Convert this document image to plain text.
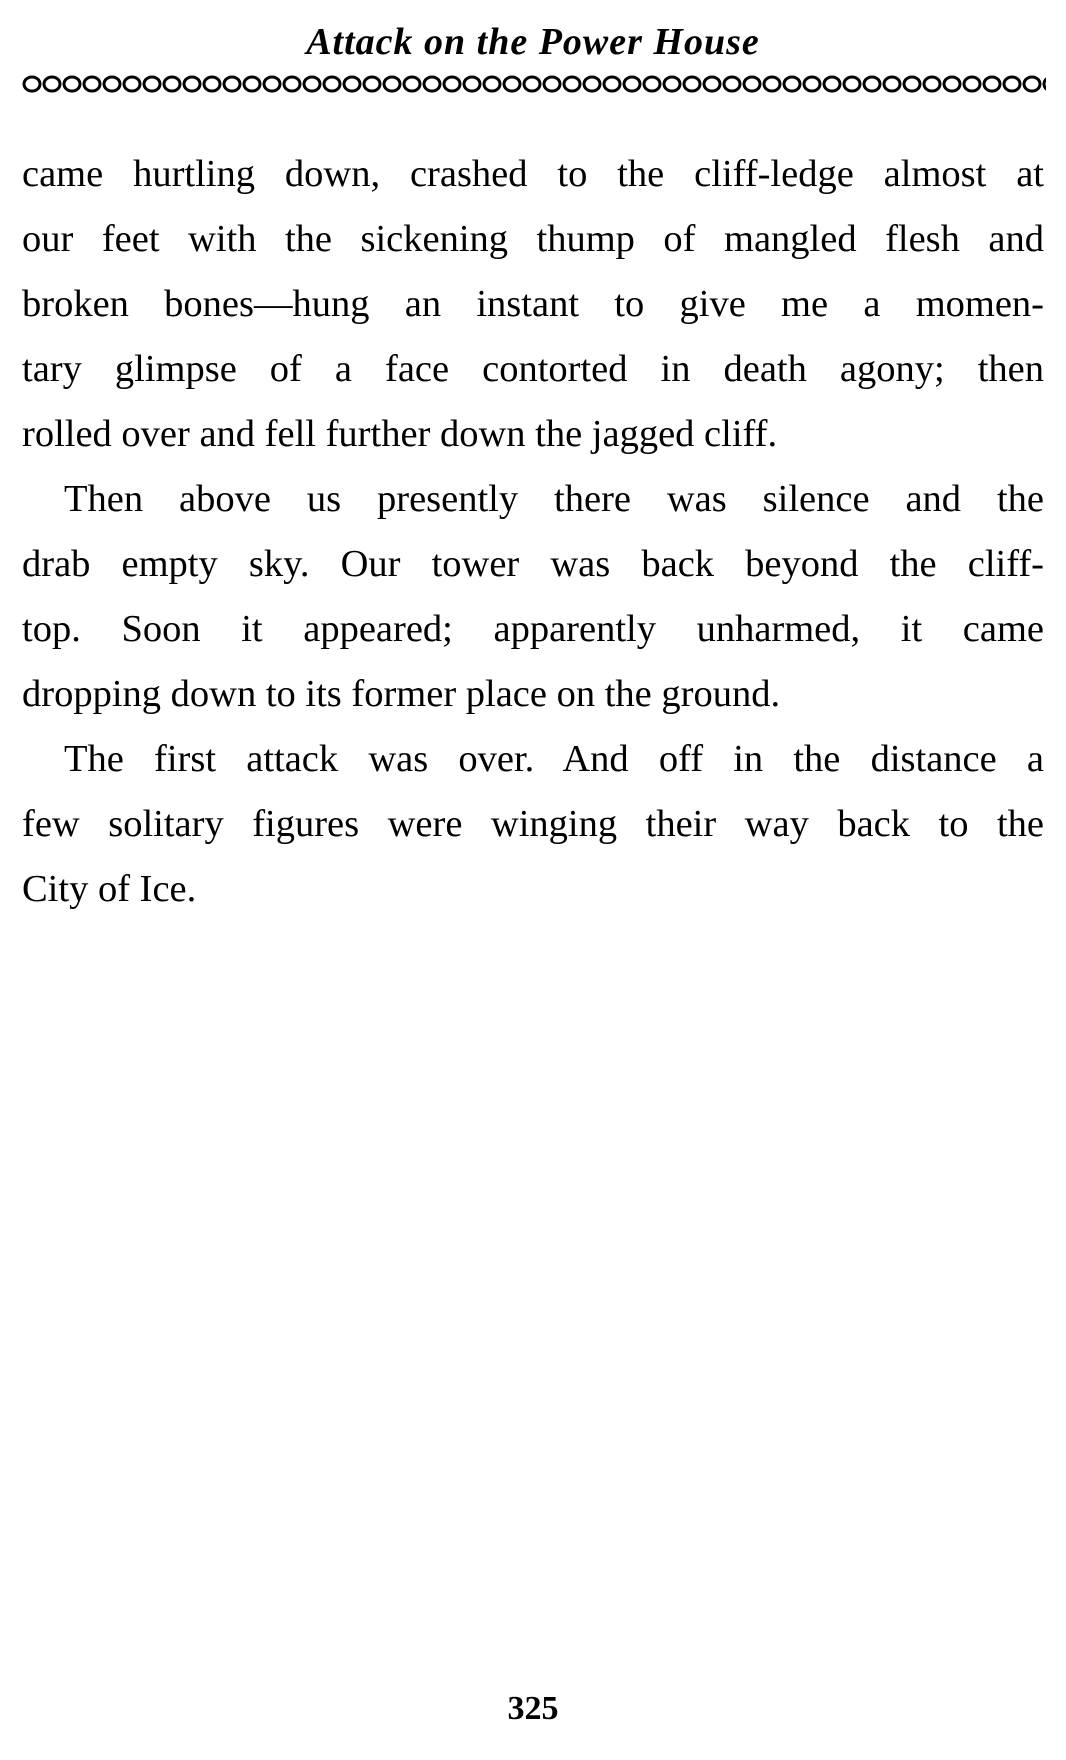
Attack on the Power House
came hurtling down, crashed to the cliff-ledge almost at
our feet with the sickening thump of mangled flesh and
broken bones—hung an instant to give me a momen-
tary glimpse of a face contorted in death agony; then
rolled over and fell further down the jagged cliff.
Then above us presently there was silence and the
drab empty sky. Our tower was back beyond the cliff-
top. Soon it appeared; apparently unharmed, it came
dropping down to its former place on the ground.
The first attack was over. And off in the distance a
few solitary figures were winging their way back to the
City of Ice.
325
